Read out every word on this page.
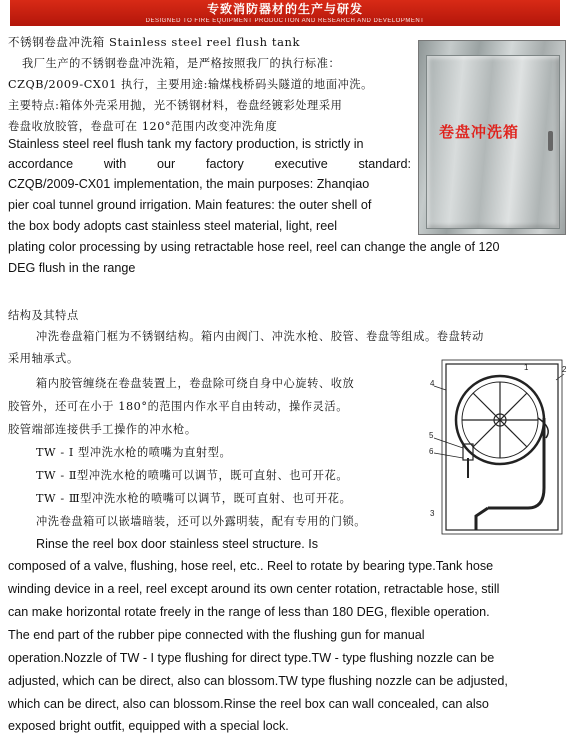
专致消防器材的生产与研发
DESIGNED TO FIRE EQUIPMENT PRODUCTION AND RESEARCH AND DEVELOPMENT
不锈钢卷盘冲洗箱 Stainless steel reel flush tank
我厂生产的不锈钢卷盘冲洗箱，是严格按照我厂的执行标准：
CZQB/2009-CX01 执行，主要用途:输煤栈桥码头隧道的地面冲洗。
主要特点:箱体外壳采用抛，光不锈钢材料，卷盘经镀彩处理采用
卷盘收放胶管，卷盘可在 120°范围内改变冲洗角度
Stainless steel reel flush tank my factory production, is strictly in
accordance with our factory executive standard:
CZQB/2009-CX01 implementation, the main purposes: Zhanqiao
pier coal tunnel ground irrigation. Main features: the outer shell of
the box body adopts cast stainless steel material, light, reel
plating color processing by using retractable hose reel, reel can change the angle of 120
DEG flush in the range
卷盘冲洗箱
结构及其特点
冲洗卷盘箱门框为不锈钢结构。箱内由阀门、冲洗水枪、胶管、卷盘等组成。卷盘转动
采用轴承式。
箱内胶管缠绕在卷盘装置上，卷盘除可绕自身中心旋转、收放
胶管外，还可在小于 180°的范围内作水平自由转动，操作灵活。
胶管端部连接供手工操作的冲水枪。
TW - Ⅰ 型冲洗水枪的喷嘴为直射型。
TW - Ⅱ型冲洗水枪的喷嘴可以调节，既可直射、也可开花。
TW - Ⅲ型冲洗水枪的喷嘴可以调节，既可直射、也可开花。
冲洗卷盘箱可以嵌墙暗装，还可以外露明装，配有专用的门锁。
1	2
3
4
5
6
Rinse the reel box door stainless steel structure. Is
composed of a valve, flushing, hose reel, etc.. Reel to rotate by bearing type.Tank hose
winding device in a reel, reel except around its own center rotation, retractable hose, still
can make horizontal rotate freely in the range of less than 180 DEG, flexible operation.
The end part of the rubber pipe connected with the flushing gun for manual
operation.Nozzle of TW - I type flushing for direct type.TW - type flushing nozzle can be
adjusted, which can be direct, also can blossom.TW type flushing nozzle can be adjusted,
which can be direct, also can blossom.Rinse the reel box can wall concealed, can also
exposed bright outfit, equipped with a special lock.
